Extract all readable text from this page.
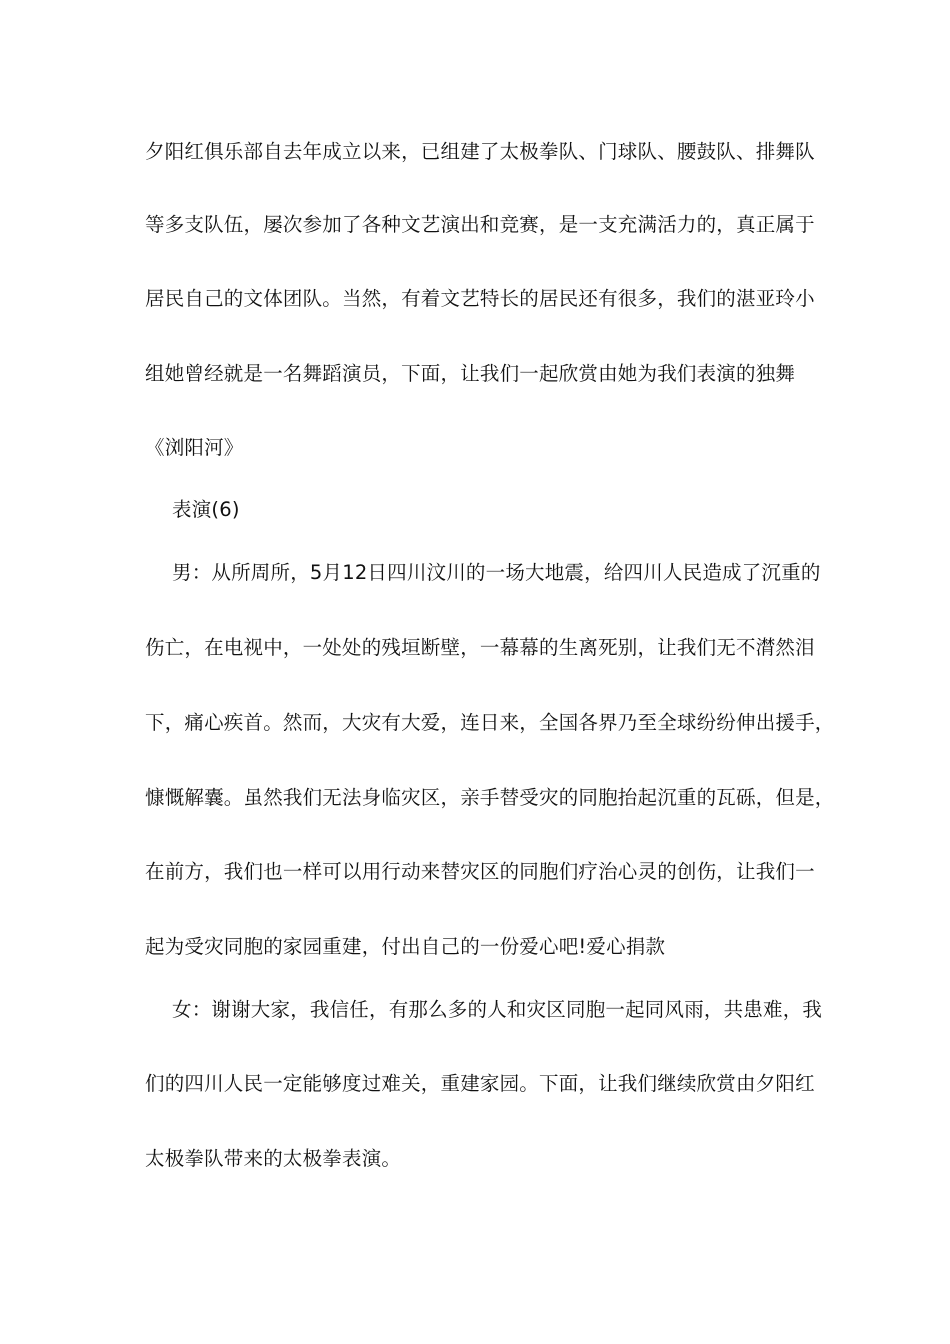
夕阳红俱乐部自去年成立以来，已组建了太极拳队、门球队、腰鼓队、排舞队
等多支队伍，屡次参加了各种文艺演出和竞赛，是一支充满活力的，真正属于
居民自己的文体团队。当然，有着文艺特长的居民还有很多，我们的湛亚玲小
组她曾经就是一名舞蹈演员，下面，让我们一起欣赏由她为我们表演的独舞
《浏阳河》
表演(6)
男：从所周所，5月12日四川汶川的一场大地震，给四川人民造成了沉重的
伤亡，在电视中，一处处的残垣断壁，一幕幕的生离死别，让我们无不潸然泪
下，痛心疾首。然而，大灾有大爱，连日来，全国各界乃至全球纷纷伸出援手，
慷慨解囊。虽然我们无法身临灾区，亲手替受灾的同胞抬起沉重的瓦砾，但是，
在前方，我们也一样可以用行动来替灾区的同胞们疗治心灵的创伤，让我们一
起为受灾同胞的家园重建，付出自己的一份爱心吧!爱心捐款
女：谢谢大家，我信任，有那么多的人和灾区同胞一起同风雨，共患难，我
们的四川人民一定能够度过难关，重建家园。下面，让我们继续欣赏由夕阳红
太极拳队带来的太极拳表演。
